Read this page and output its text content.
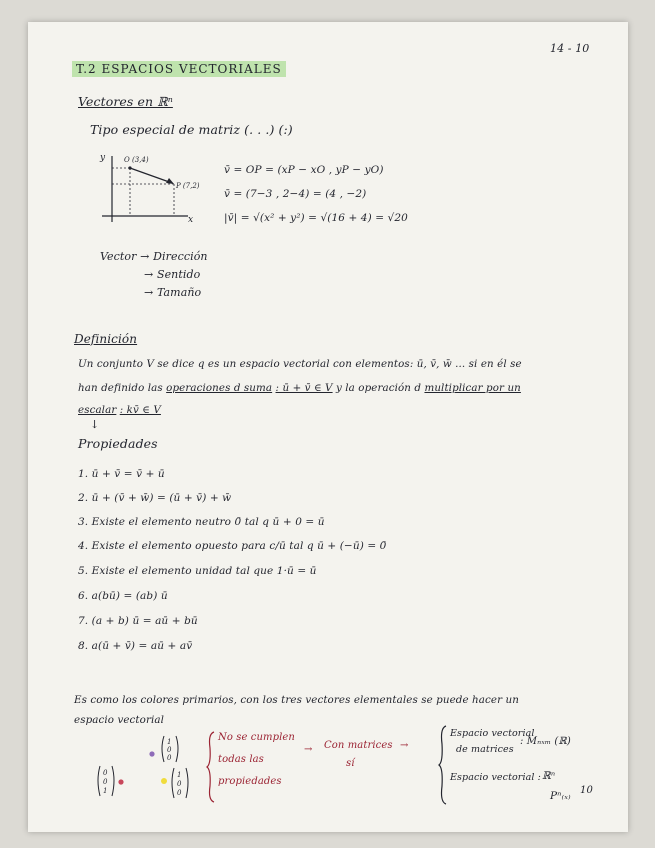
14 - 10
10
T.2 ESPACIOS VECTORIALES
Vectores en ℝⁿ
Tipo especial de matriz (. . .) (:)
y
x
O (3,4)
P (7,2)
v̄ = OP = (xP − xO , yP − yO)
v̄ = (7−3 , 2−4) = (4 , −2)
|v̄| = √(x² + y²) = √(16 + 4) = √20
Vector → Dirección
→ Sentido
→ Tamaño
Definición
Un conjunto V se dice q es un espacio vectorial con elementos: ū, v̄, w̄ ... si en él se
han definido las operaciones d suma : ū + v̄ ∈ V y la operación d multiplicar por un
escalar : kv̄ ∈ V
↓
Propiedades
1. ū + v̄ = v̄ + ū
2. ū + (v̄ + w̄) = (ū + v̄) + w̄
3. Existe el elemento neutro 0̄ tal q ū + 0 = ū
4. Existe el elemento opuesto para c/ū tal q ū + (−ū) = 0̄
5. Existe el elemento unidad tal que 1·ū = ū
6. a(bū) = (ab) ū
7. (a + b) ū = aū + bū
8. a(ū + v̄) = aū + av̄
Es como los colores primarios, con los tres vectores elementales se puede hacer un
espacio vectorial
1
0
0
0
0
1
1
0
0
No se cumplen
todas las
propiedades
→ Con matrices
sí
→
Espacio vectorial
de matrices
: Mₙₓₘ (ℝ)
Espacio vectorial : ℝⁿ
Pⁿ₍ₓ₎
